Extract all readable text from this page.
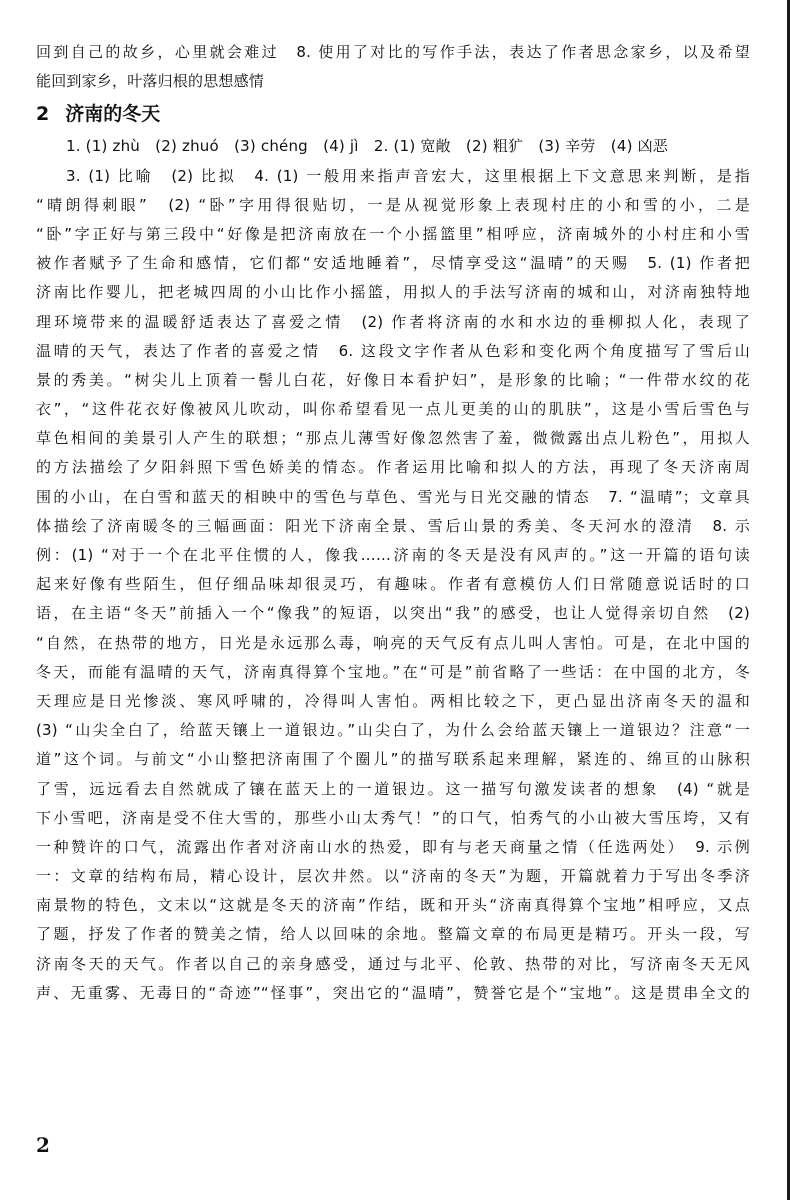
回到自己的故乡，心里就会难过　8. 使用了对比的写作手法，表达了作者思念家乡，以及希望
能回到家乡，叶落归根的思想感情
2 济南的冬天
1. (1) zhù　(2) zhuó　(3) chéng　(4) jì　2. (1) 宽敞　(2) 粗犷　(3) 辛劳　(4) 凶恶
3. (1) 比喻　(2) 比拟　4. (1) 一般用来指声音宏大，这里根据上下文意思来判断，是指
“晴朗得刺眼”　(2) “卧”字用得很贴切，一是从视觉形象上表现村庄的小和雪的小，二是
“卧”字正好与第三段中“好像是把济南放在一个小摇篮里”相呼应，济南城外的小村庄和小雪
被作者赋予了生命和感情，它们都“安适地睡着”，尽情享受这“温晴”的天赐　5. (1) 作者把
济南比作婴儿，把老城四周的小山比作小摇篮，用拟人的手法写济南的城和山，对济南独特地
理环境带来的温暖舒适表达了喜爱之情　(2) 作者将济南的水和水边的垂柳拟人化，表现了
温晴的天气，表达了作者的喜爱之情　6. 这段文字作者从色彩和变化两个角度描写了雪后山
景的秀美。“树尖儿上顶着一髻儿白花，好像日本看护妇”，是形象的比喻；“一件带水纹的花
衣”，“这件花衣好像被风儿吹动，叫你希望看见一点儿更美的山的肌肤”，这是小雪后雪色与
草色相间的美景引人产生的联想；“那点儿薄雪好像忽然害了羞，微微露出点儿粉色”，用拟人
的方法描绘了夕阳斜照下雪色娇美的情态。作者运用比喻和拟人的方法，再现了冬天济南周
围的小山，在白雪和蓝天的相映中的雪色与草色、雪光与日光交融的情态　7. “温晴”；文章具
体描绘了济南暖冬的三幅画面：阳光下济南全景、雪后山景的秀美、冬天河水的澄清　8. 示
例：(1) “对于一个在北平住惯的人，像我……济南的冬天是没有风声的。”这一开篇的语句读
起来好像有些陌生，但仔细品味却很灵巧，有趣味。作者有意模仿人们日常随意说话时的口
语，在主语“冬天”前插入一个“像我”的短语，以突出“我”的感受，也让人觉得亲切自然　(2)
“自然，在热带的地方，日光是永远那么毒，响亮的天气反有点儿叫人害怕。可是，在北中国的
冬天，而能有温晴的天气，济南真得算个宝地。”在“可是”前省略了一些话：在中国的北方，冬
天理应是日光惨淡、寒风呼啸的，冷得叫人害怕。两相比较之下，更凸显出济南冬天的温和
(3) “山尖全白了，给蓝天镶上一道银边。”山尖白了，为什么会给蓝天镶上一道银边？注意“一
道”这个词。与前文“小山整把济南围了个圈儿”的描写联系起来理解，紧连的、绵亘的山脉积
了雪，远远看去自然就成了镶在蓝天上的一道银边。这一描写句激发读者的想象　(4) “就是
下小雪吧，济南是受不住大雪的，那些小山太秀气！”的口气，怕秀气的小山被大雪压垮，又有
一种赞许的口气，流露出作者对济南山水的热爱，即有与老天商量之情（任选两处）　9. 示例
一：文章的结构布局，精心设计，层次井然。以“济南的冬天”为题，开篇就着力于写出冬季济
南景物的特色，文末以“这就是冬天的济南”作结，既和开头“济南真得算个宝地”相呼应，又点
了题，抒发了作者的赞美之情，给人以回味的余地。整篇文章的布局更是精巧。开头一段，写
济南冬天的天气。作者以自己的亲身感受，通过与北平、伦敦、热带的对比，写济南冬天无风
声、无重雾、无毒日的“奇迹”“怪事”，突出它的“温晴”，赞誉它是个“宝地”。这是贯串全文的
2
